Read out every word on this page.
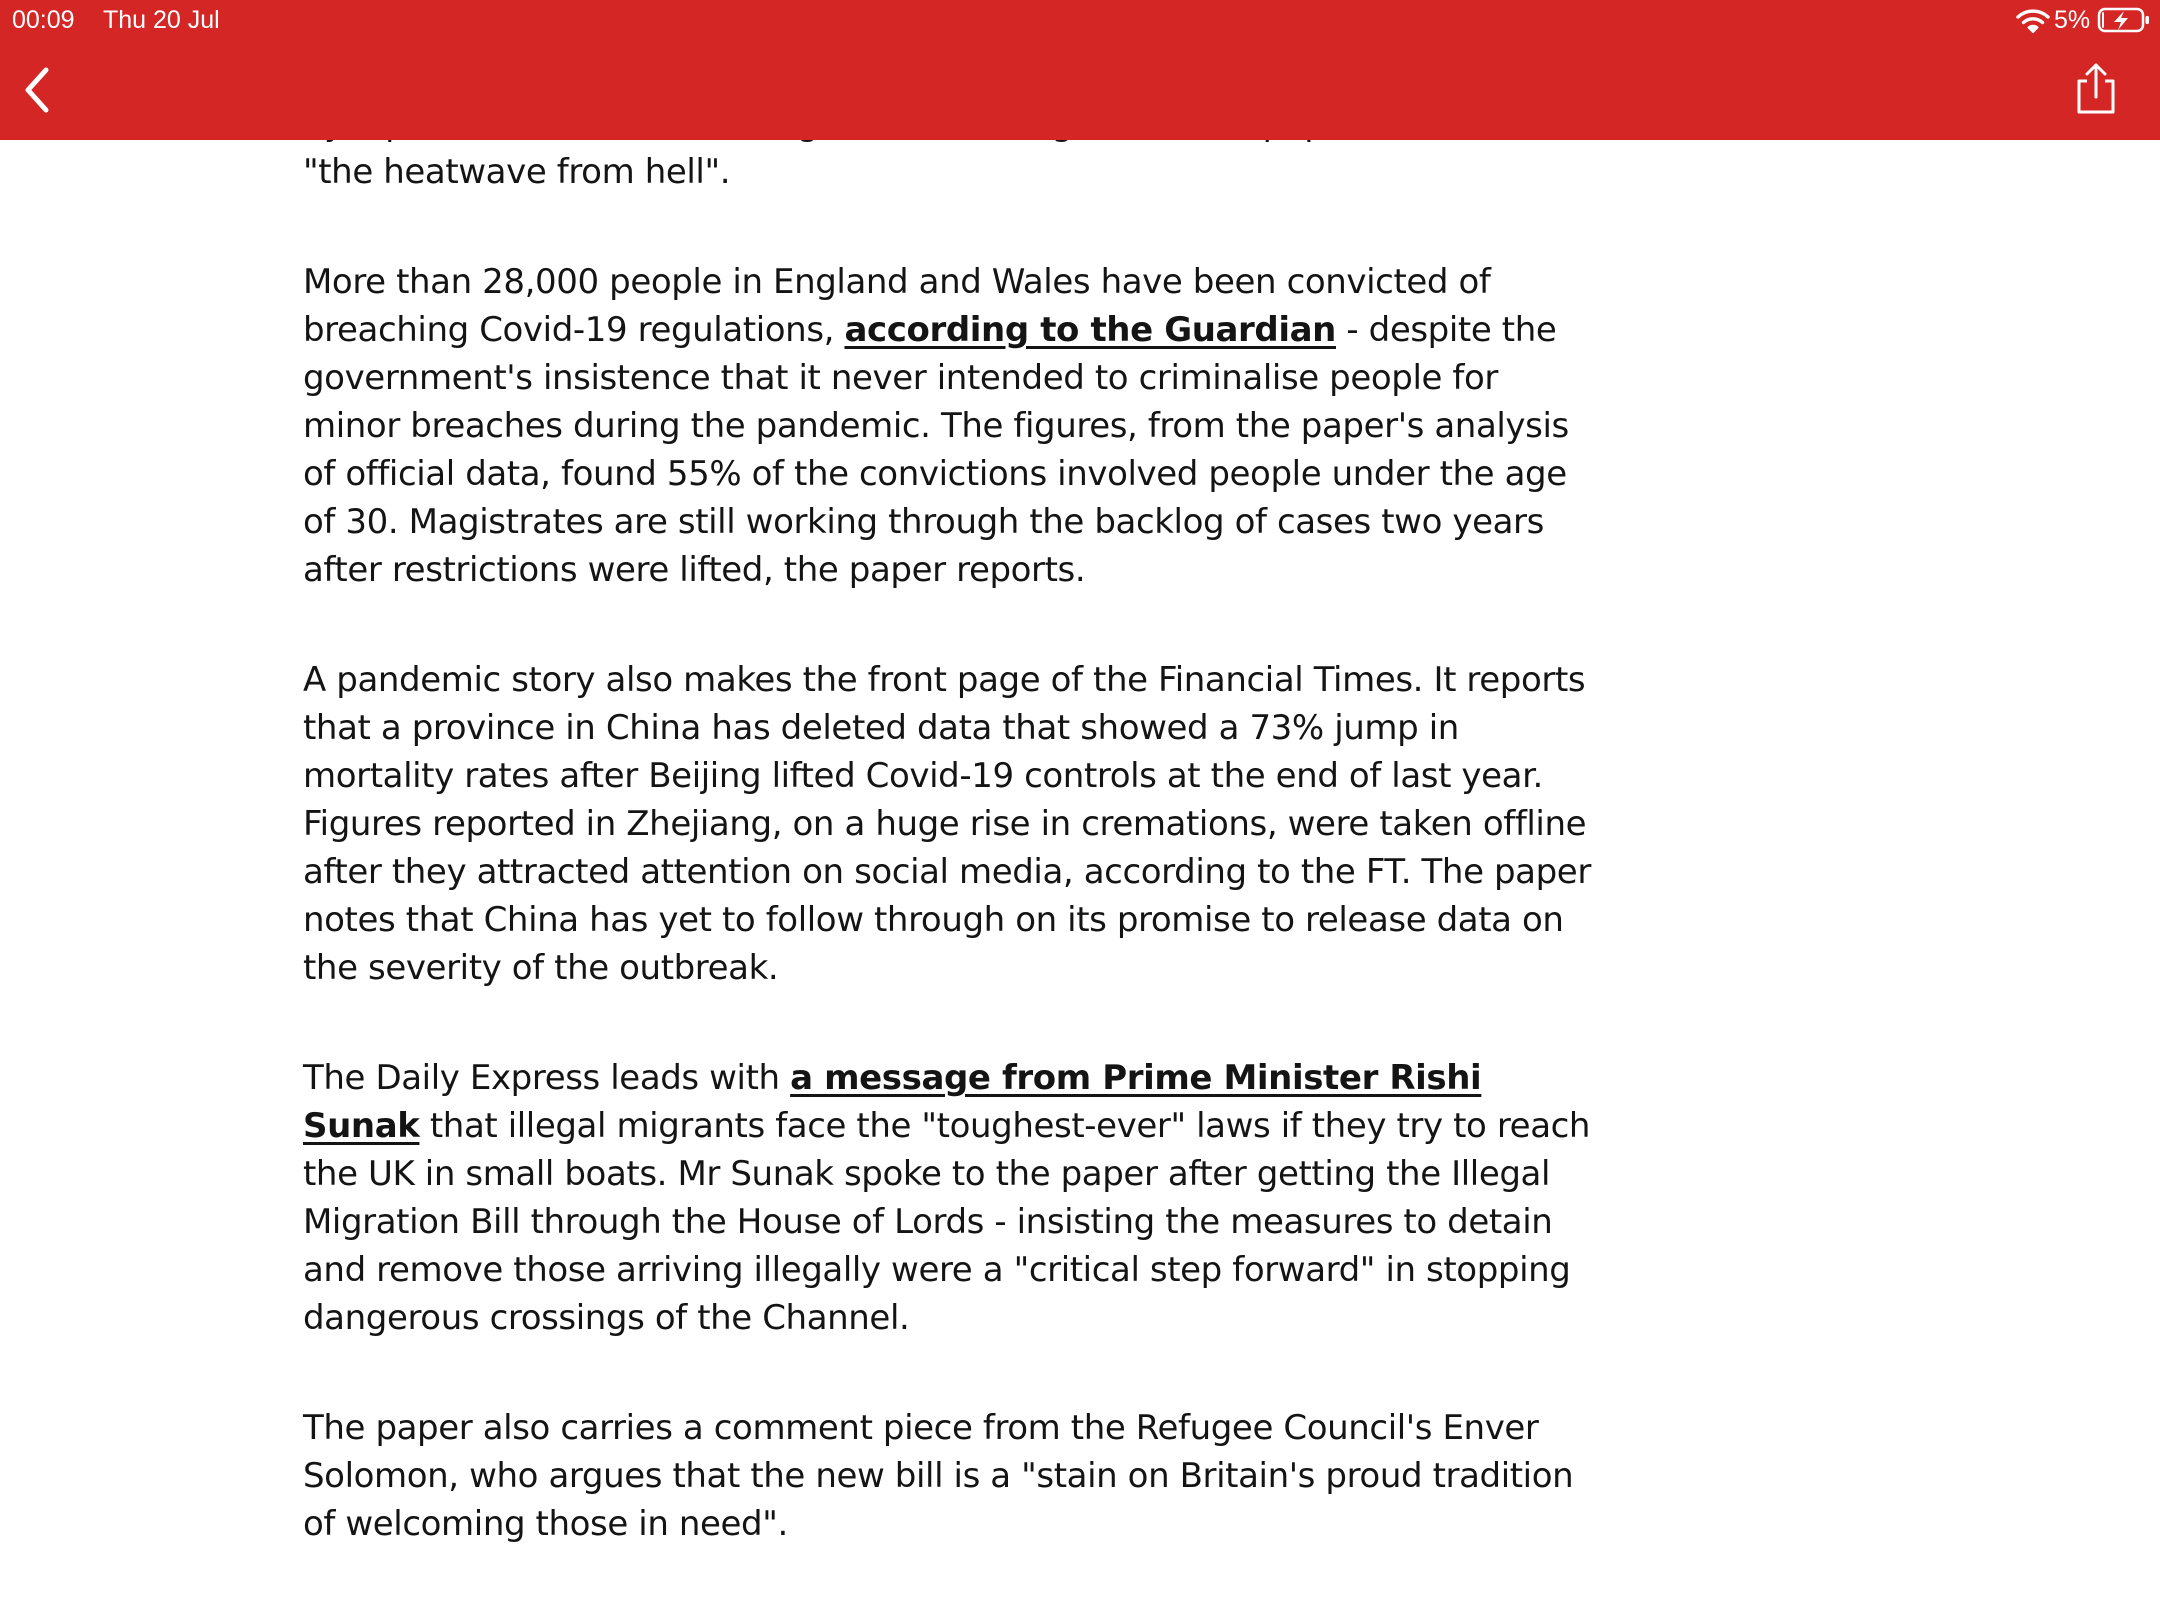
00:09 Thu 20 Jul	5%

"the heatwave from hell".

More than 28,000 people in England and Wales have been convicted of breaching Covid-19 regulations, according to the Guardian - despite the government's insistence that it never intended to criminalise people for minor breaches during the pandemic. The figures, from the paper's analysis of official data, found 55% of the convictions involved people under the age of 30. Magistrates are still working through the backlog of cases two years after restrictions were lifted, the paper reports.

A pandemic story also makes the front page of the Financial Times. It reports that a province in China has deleted data that showed a 73% jump in mortality rates after Beijing lifted Covid-19 controls at the end of last year. Figures reported in Zhejiang, on a huge rise in cremations, were taken offline after they attracted attention on social media, according to the FT. The paper notes that China has yet to follow through on its promise to release data on the severity of the outbreak.

The Daily Express leads with a message from Prime Minister Rishi Sunak that illegal migrants face the "toughest-ever" laws if they try to reach the UK in small boats. Mr Sunak spoke to the paper after getting the Illegal Migration Bill through the House of Lords - insisting the measures to detain and remove those arriving illegally were a "critical step forward" in stopping dangerous crossings of the Channel.

The paper also carries a comment piece from the Refugee Council's Enver Solomon, who argues that the new bill is a "stain on Britain's proud tradition of welcoming those in need".
